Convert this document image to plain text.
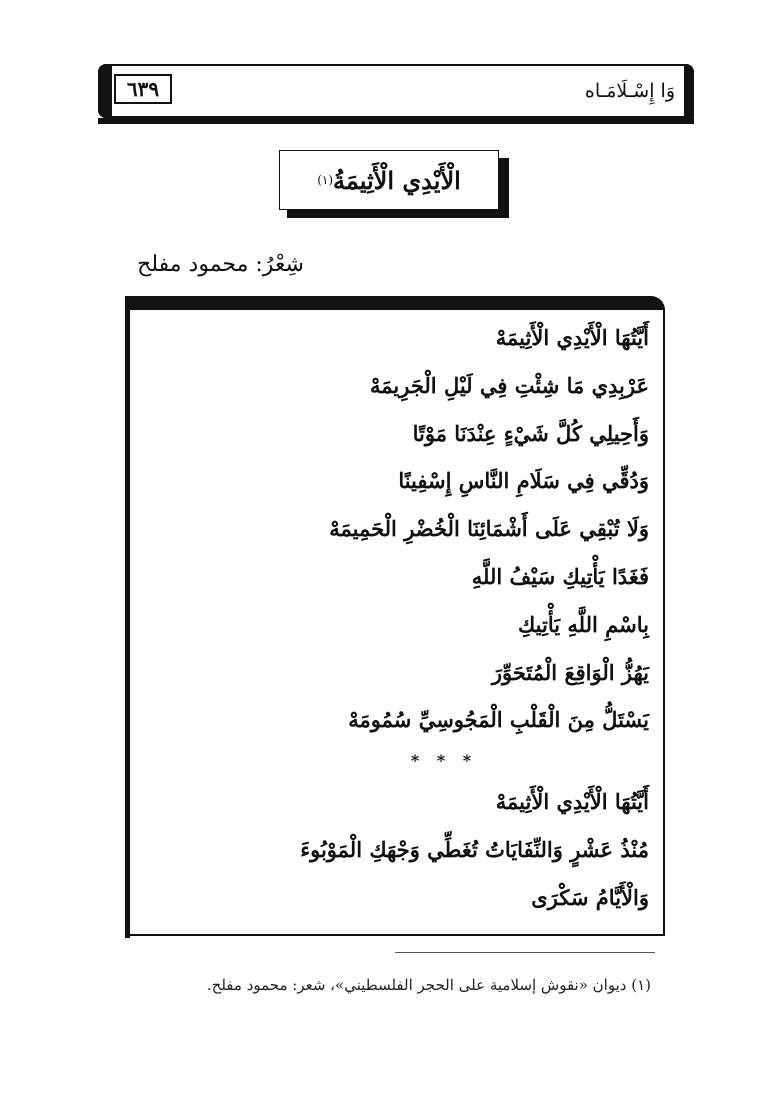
٦٣٩	وَا إِسْـلَامَـاه
الْأَيْدِي الْأَثِيمَةُ
(١)
شِعْرُ: محمود مفلح
أَيَّتُهَا الْأَيْدِي الْأَثِيمَهْ
عَرْبِدِي مَا شِئْتِ فِي لَيْلِ الْجَرِيمَهْ
وَأَحِيلِي كُلَّ شَيْءٍ عِنْدَنَا مَوْتًا
وَدُقِّي فِي سَلَامِ النَّاسِ إِسْفِينًا
وَلَا تُبْقِي عَلَى أَشْمَائِنَا الْخُضْرِ الْحَمِيمَهْ
فَغَدًا يَأْتِيكِ سَيْفُ اللَّهِ
بِاسْمِ اللَّهِ يَأْتِيكِ
يَهُزُّ الْوَاقِعَ الْمُتَحَوِّرَ
يَسْتَلُّ مِنَ الْقَلْبِ الْمَجُوسِيِّ سُمُومَهْ
* * *
أَيَّتُهَا الْأَيْدِي الْأَثِيمَهْ
مُنْذُ عَشْرٍ وَالنِّفَايَاتُ تُغَطِّي وَجْهَكِ الْمَوْبُوءَ
وَالْأَيَّامُ سَكْرَى
(١) ديوان «نقوش إسلامية على الحجر الفلسطيني»، شعر: محمود مفلح.
